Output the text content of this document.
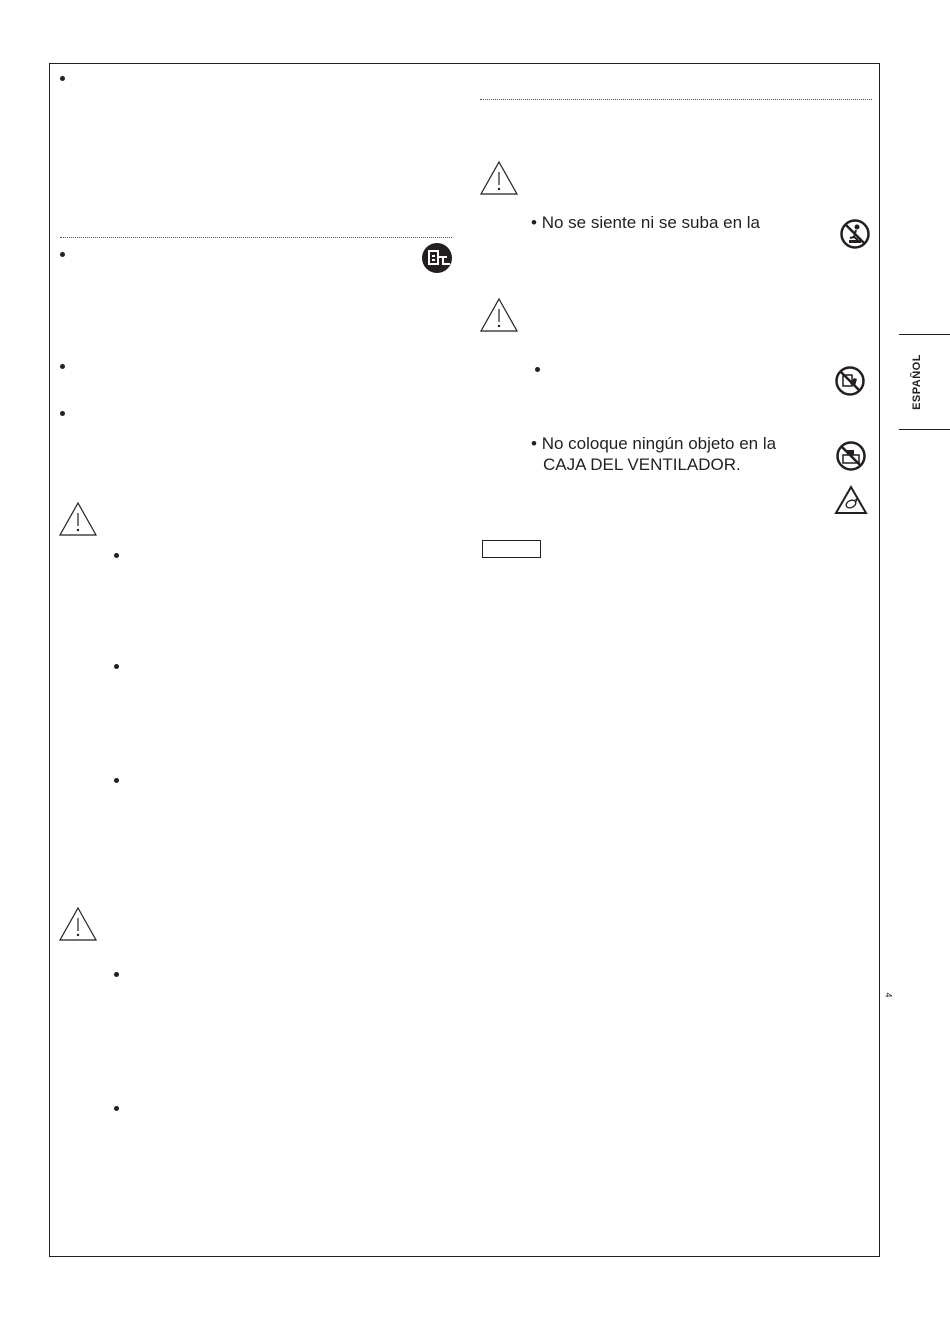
• No se siente ni se suba en la
• No coloque ningún objeto en la
CAJA DEL VENTILADOR.
ESPAÑOL
4
